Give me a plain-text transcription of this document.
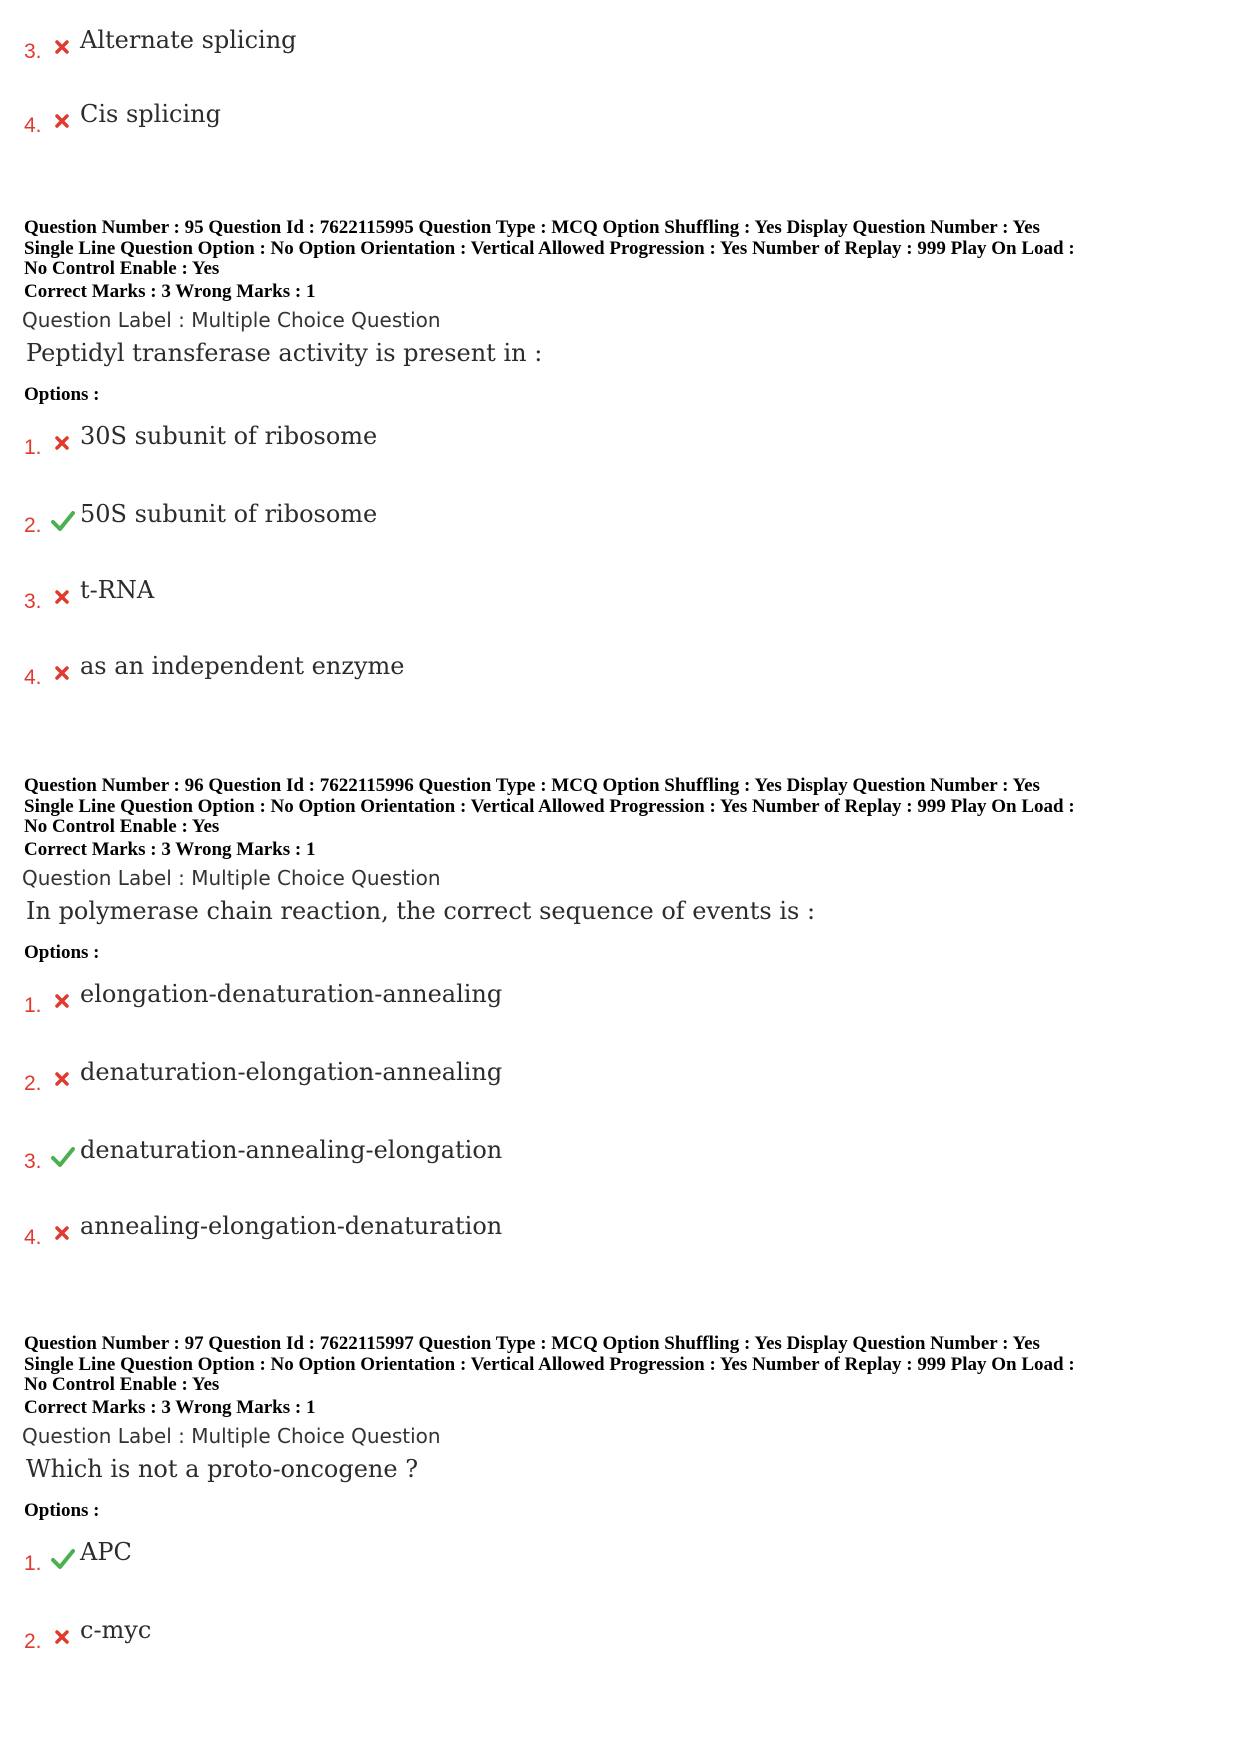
3. Alternate splicing
4. Cis splicing

Question Number : 95 Question Id : 7622115995 Question Type : MCQ Option Shuffling : Yes Display Question Number : Yes

Single Line Question Option : No Option Orientation : Vertical Allowed Progression : Yes Number of Replay : 999 Play On Load :

No Control Enable : Yes

Correct Marks : 3 Wrong Marks : 1
Question Label : Multiple Choice Question
Peptidyl transferase activity is present in :
Options :
1. 30S subunit of ribosome
2. 50S subunit of ribosome
3. t-RNA
4. as an independent enzyme

Question Number : 96 Question Id : 7622115996 Question Type : MCQ Option Shuffling : Yes Display Question Number : Yes

Single Line Question Option : No Option Orientation : Vertical Allowed Progression : Yes Number of Replay : 999 Play On Load :

No Control Enable : Yes

Correct Marks : 3 Wrong Marks : 1
Question Label : Multiple Choice Question
In polymerase chain reaction, the correct sequence of events is :
Options :
1. elongation-denaturation-annealing
2. denaturation-elongation-annealing
3. denaturation-annealing-elongation
4. annealing-elongation-denaturation

Question Number : 97 Question Id : 7622115997 Question Type : MCQ Option Shuffling : Yes Display Question Number : Yes

Single Line Question Option : No Option Orientation : Vertical Allowed Progression : Yes Number of Replay : 999 Play On Load :

No Control Enable : Yes

Correct Marks : 3 Wrong Marks : 1
Question Label : Multiple Choice Question
Which is not a proto-oncogene ?
Options :
1. APC
2. c-myc
